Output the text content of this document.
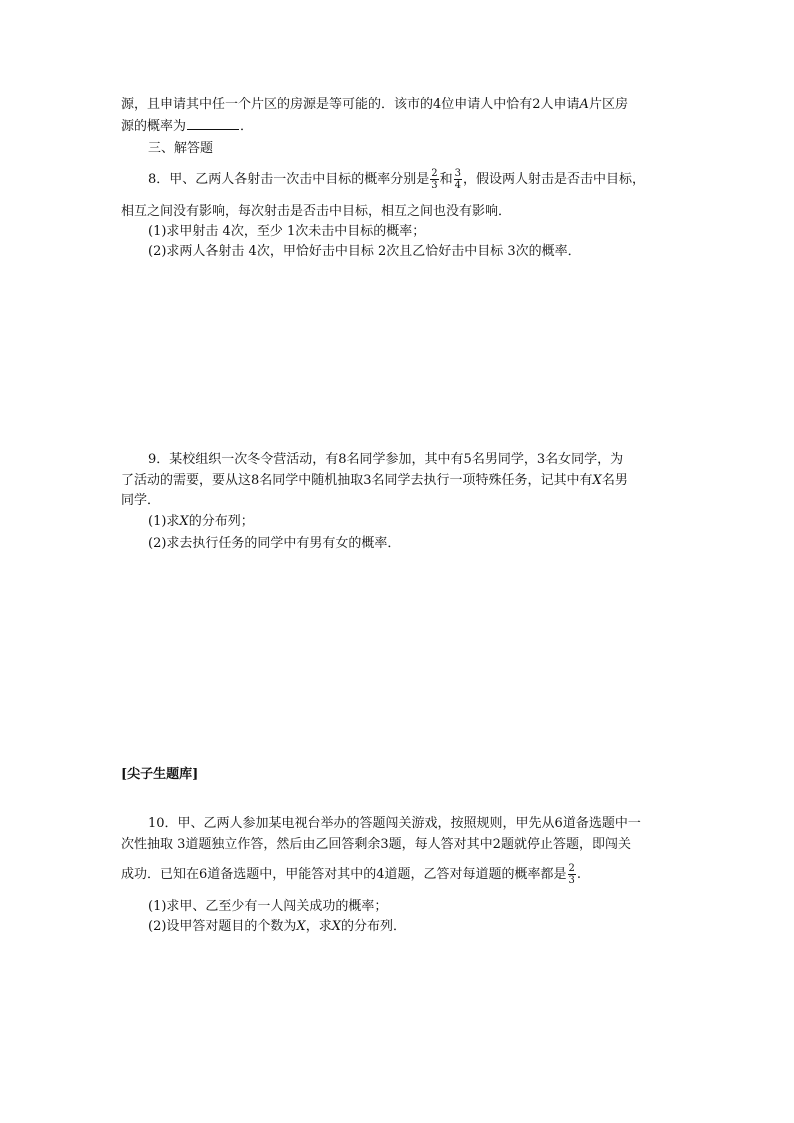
源，且申请其中任一个片区的房源是等可能的．该市的4位申请人中恰有2人申请A片区房
源的概率为	．
三、解答题
8．甲、乙两人各射击一次击中目标的概率分别是 $\frac{2}{3}$ 和 $\frac{3}{4}$ ，假设两人射击是否击中目标，
相互之间没有影响，每次射击是否击中目标，相互之间也没有影响．
(1)求甲射击 4次，至少 1次未击中目标的概率；
(2)求两人各射击 4次，甲恰好击中目标 2次且乙恰好击中目标 3次的概率．
9．某校组织一次冬令营活动，有8名同学参加，其中有5名男同学，3名女同学，为
了活动的需要，要从这8名同学中随机抽取3名同学去执行一项特殊任务，记其中有X名男
同学．
(1)求X的分布列；
(2)求去执行任务的同学中有男有女的概率．
[尖子生题库]
10．甲、乙两人参加某电视台举办的答题闯关游戏，按照规则，甲先从6道备选题中一
次性抽取 3道题独立作答，然后由乙回答剩余3题，每人答对其中2题就停止答题，即闯关
成功．已知在6道备选题中，甲能答对其中的4道题，乙答对每道题的概率都是 $\frac{2}{3}$ .
(1)求甲、乙至少有一人闯关成功的概率；
(2)设甲答对题目的个数为X，求X的分布列．
